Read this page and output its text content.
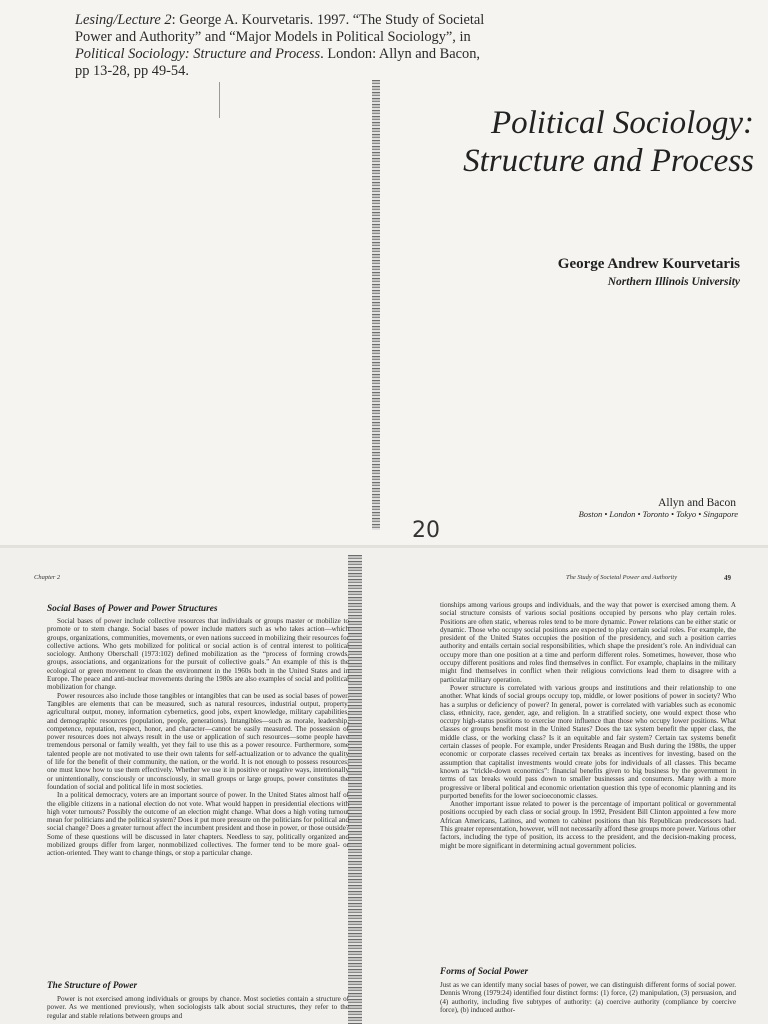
Lesing/Lecture 2: George A. Kourvetaris. 1997. “The Study of Societal Power and Authority” and “Major Models in Political Sociology”, in Political Sociology: Structure and Process. London: Allyn and Bacon, pp 13-28, pp 49-54.
Political Sociology:
Structure and Process
George Andrew Kourvetaris
Northern Illinois University
Allyn and Bacon
Boston • London • Toronto • Tokyo • Singapore
20
Chapter 2	The Study of Societal Power and Authority	49
Social Bases of Power and Power Structures

Social bases of power include collective resources that individuals or groups master or mobilize to promote or to stem change. Social bases of power include matters such as who takes action—which groups, organizations, communities, movements, or even nations succeed in mobilizing their resources for collective actions. Who gets mobilized for political or social action is of central interest to political sociology. Anthony Oberschall (1973:102) defined mobilization as the “process of forming crowds, groups, associations, and organizations for the pursuit of collective goals.” An example of this is the ecological or green movement to clean the environment in the 1960s both in the United States and in Europe. The peace and anti-nuclear movements during the 1980s are also examples of social and political mobilization for change.

Power resources also include those tangibles or intangibles that can be used as social bases of power. Tangibles are elements that can be measured, such as natural resources, industrial output, property, agricultural output, money, information cybernetics, good jobs, expert knowledge, military capabilities, and demographic resources (population, people, generations). Intangibles—such as morale, leadership, competence, reputation, respect, honor, and character—cannot be easily measured. The possession of power resources does not always result in the use or application of such resources—some people have tremendous personal or family wealth, yet they fail to use this as a power resource. Furthermore, some talented people are not motivated to use their own talents for self-actualization or to advance the quality of life for the benefit of their community, the nation, or the world. It is not enough to possess resources; one must know how to use them effectively. Whether we use it in positive or negative ways, intentionally or unintentionally, consciously or unconsciously, in small groups or large groups, power constitutes the foundation of social and political life in most societies.

In a political democracy, voters are an important source of power. In the United States almost half of the eligible citizens in a national election do not vote. What would happen in presidential elections with high voter turnouts? Possibly the outcome of an election might change. What does a high voting turnout mean for politicians and the political system? Does it put more pressure on the politicians for political and social change? Does a greater turnout affect the incumbent president and those in power, or those outside? Some of these questions will be discussed in later chapters. Needless to say, politically organized and mobilized groups differ from larger, nonmobilized collectives. The former tend to be more goal- or action-oriented. They want to change things, or stop a particular change.

The Structure of Power

Power is not exercised among individuals or groups by chance. Most societies contain a structure of power. As we mentioned previously, when sociologists talk about social structures, they refer to the regular and stable relations between groups and

tionships among various groups and individuals, and the way that power is exercised among them. A social structure consists of various social positions occupied by persons who play certain roles. Positions are often static, whereas roles tend to be more dynamic. Power relations can be either static or dynamic. Those who occupy social positions are expected to play certain social roles. For example, the president of the United States occupies the position of the presidency, and such a position carries authority and entails certain social responsibilities, which shape the president’s role. An individual can occupy more than one position at a time and perform different roles. Sometimes, however, those who occupy different positions and roles find themselves in conflict. For example, chaplains in the military might find themselves in conflict when their religious convictions lead them to disagree with a particular military operation.

Power structure is correlated with various groups and institutions and their relationship to one another. What kinds of social groups occupy top, middle, or lower positions of power in society? Who has a surplus or deficiency of power? In general, power is correlated with variables such as economic class, ethnicity, race, gender, age, and religion. In a stratified society, one would expect those who occupy high-status positions to exercise more influence than those who occupy lower positions. What classes or groups benefit most in the United States? Does the tax system benefit the upper class, the middle class, or the working class? Is it an equitable and fair system? Certain tax systems benefit certain classes of people. For example, under Presidents Reagan and Bush during the 1980s, the upper economic or corporate classes received certain tax breaks as incentives for investing, based on the assumption that capitalist investments would create jobs for individuals of all classes. This became known as “trickle-down economics”: financial benefits given to big business by the government in terms of tax breaks would pass down to smaller businesses and consumers. Many with a more progressive or liberal political and economic orientation question this type of economic planning and its purported benefits for the lower socioeconomic classes.

Another important issue related to power is the percentage of important political or governmental positions occupied by each class or social group. In 1992, President Bill Clinton appointed a few more African Americans, Latinos, and women to cabinet positions than his Republican predecessors had. This greater representation, however, will not necessarily afford these groups more power. Various other factors, including the type of position, its access to the president, and the decision-making process, might be more significant in determining actual government policies.

Forms of Social Power

Just as we can identify many social bases of power, we can distinguish different forms of social power. Dennis Wrong (1979:24) identified four distinct forms: (1) force, (2) manipulation, (3) persuasion, and (4) authority, including five subtypes of authority: (a) coercive authority (compliance by coercive force), (b) induced author-
